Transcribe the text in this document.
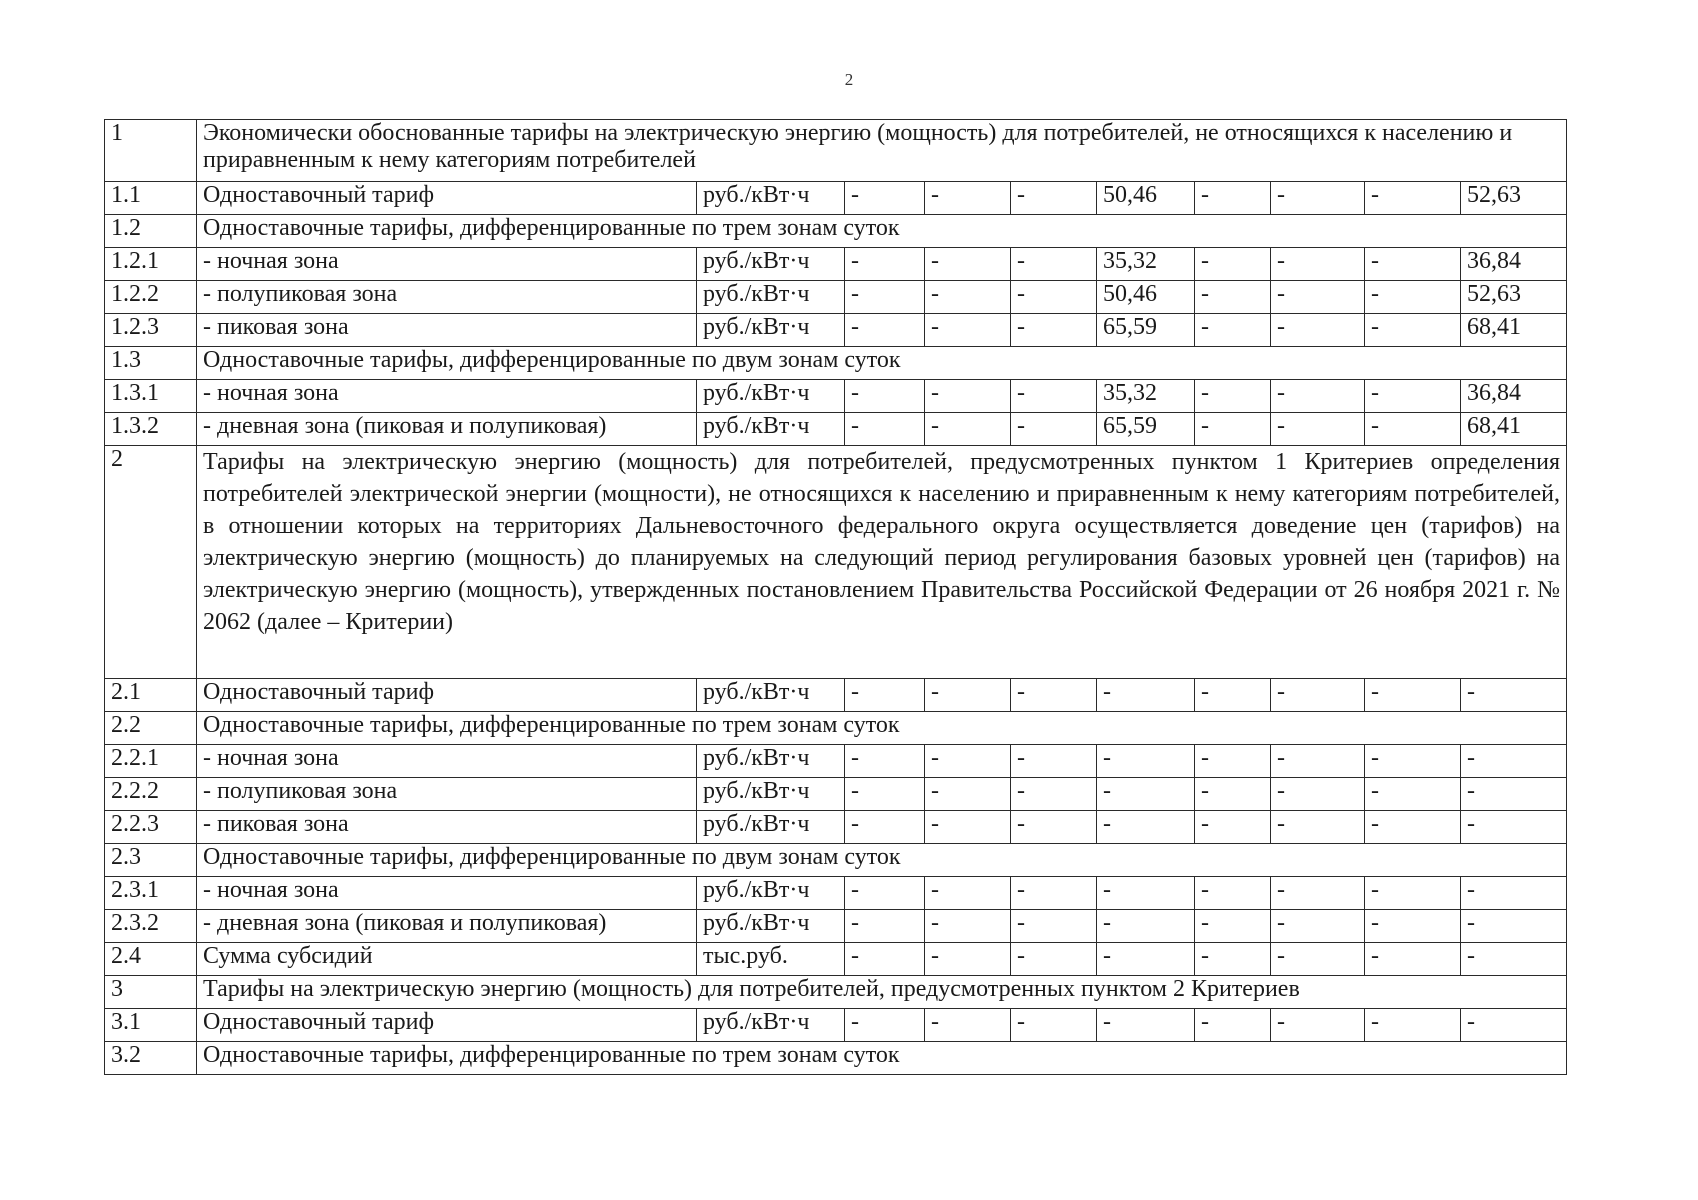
2
1	Экономически обоснованные тарифы на электрическую энергию (мощность) для потребителей, не относящихся к населению и приравненным к нему категориям потребителей									
1.1	Одноставочный тариф	руб./кВт·ч	-	-	-	50,46	-	-	-	52,63
1.2	Одноставочные тарифы, дифференцированные по трем зонам суток									
1.2.1	- ночная зона	руб./кВт·ч	-	-	-	35,32	-	-	-	36,84
1.2.2	- полупиковая зона	руб./кВт·ч	-	-	-	50,46	-	-	-	52,63
1.2.3	- пиковая зона	руб./кВт·ч	-	-	-	65,59	-	-	-	68,41
1.3	Одноставочные тарифы, дифференцированные по двум зонам суток									
1.3.1	- ночная зона	руб./кВт·ч	-	-	-	35,32	-	-	-	36,84
1.3.2	- дневная зона (пиковая и полупиковая)	руб./кВт·ч	-	-	-	65,59	-	-	-	68,41
2	Тарифы на электрическую энергию (мощность) для потребителей, предусмотренных пунктом 1 Критериев определения потребителей электрической энергии (мощности), не относящихся к населению и приравненным к нему категориям потребителей, в отношении которых на территориях Дальневосточного федерального округа осуществляется доведение цен (тарифов) на электрическую энергию (мощность) до планируемых на следующий период регулирования базовых уровней цен (тарифов) на электрическую энергию (мощность), утвержденных постановлением Правительства Российской Федерации от 26 ноября 2021 г. № 2062 (далее – Критерии)									
2.1	Одноставочный тариф	руб./кВт·ч	-	-	-	-	-	-	-	-
2.2	Одноставочные тарифы, дифференцированные по трем зонам суток									
2.2.1	- ночная зона	руб./кВт·ч	-	-	-	-	-	-	-	-
2.2.2	- полупиковая зона	руб./кВт·ч	-	-	-	-	-	-	-	-
2.2.3	- пиковая зона	руб./кВт·ч	-	-	-	-	-	-	-	-
2.3	Одноставочные тарифы, дифференцированные по двум зонам суток									
2.3.1	- ночная зона	руб./кВт·ч	-	-	-	-	-	-	-	-
2.3.2	- дневная зона (пиковая и полупиковая)	руб./кВт·ч	-	-	-	-	-	-	-	-
2.4	Сумма субсидий	тыс.руб.	-	-	-	-	-	-	-	-
3	Тарифы на электрическую энергию (мощность) для потребителей, предусмотренных пунктом 2 Критериев									
3.1	Одноставочный тариф	руб./кВт·ч	-	-	-	-	-	-	-	-
3.2	Одноставочные тарифы, дифференцированные по трем зонам суток									
